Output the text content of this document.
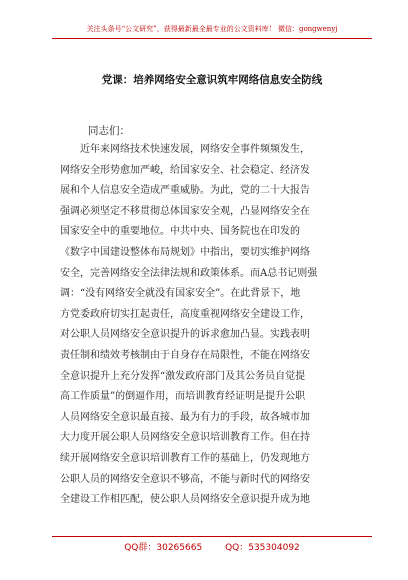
关注头条号“公文研究”，获得最新最全最专业的公文资料库！ 微信：gongwenyj
党课：培养网络安全意识筑牢网络信息安全防线
同志们：
　　近年来网络技术快速发展，网络安全事件频频发生，
网络安全形势愈加严峻，给国家安全、社会稳定、经济发
展和个人信息安全造成严重威胁。为此，党的二十大报告
强调必须坚定不移贯彻总体国家安全观，凸显网络安全在
国家安全中的重要地位。中共中央、国务院也在印发的
《数字中国建设整体布局规划》中指出，要切实维护网络
安全，完善网络安全法律法规和政策体系。而A总书记则强
调：“没有网络安全就没有国家安全”。在此背景下，地
方党委政府切实扛起责任，高度重视网络安全建设工作，
对公职人员网络安全意识提升的诉求愈加凸显。实践表明
责任制和绩效考核制由于自身存在局限性，不能在网络安
全意识提升上充分发挥“激发政府部门及其公务员自觉提
高工作质量”的倒逼作用，而培训教育经证明是提升公职
人员网络安全意识最直接、最为有力的手段，故各城市加
大力度开展公职人员网络安全意识培训教育工作。但在持
续开展网络安全意识培训教育工作的基础上，仍发现地方
公职人员的网络安全意识不够高，不能与新时代的网络安
全建设工作相匹配，使公职人员网络安全意识提升成为地
QQ群：30265665        QQ：535304092
